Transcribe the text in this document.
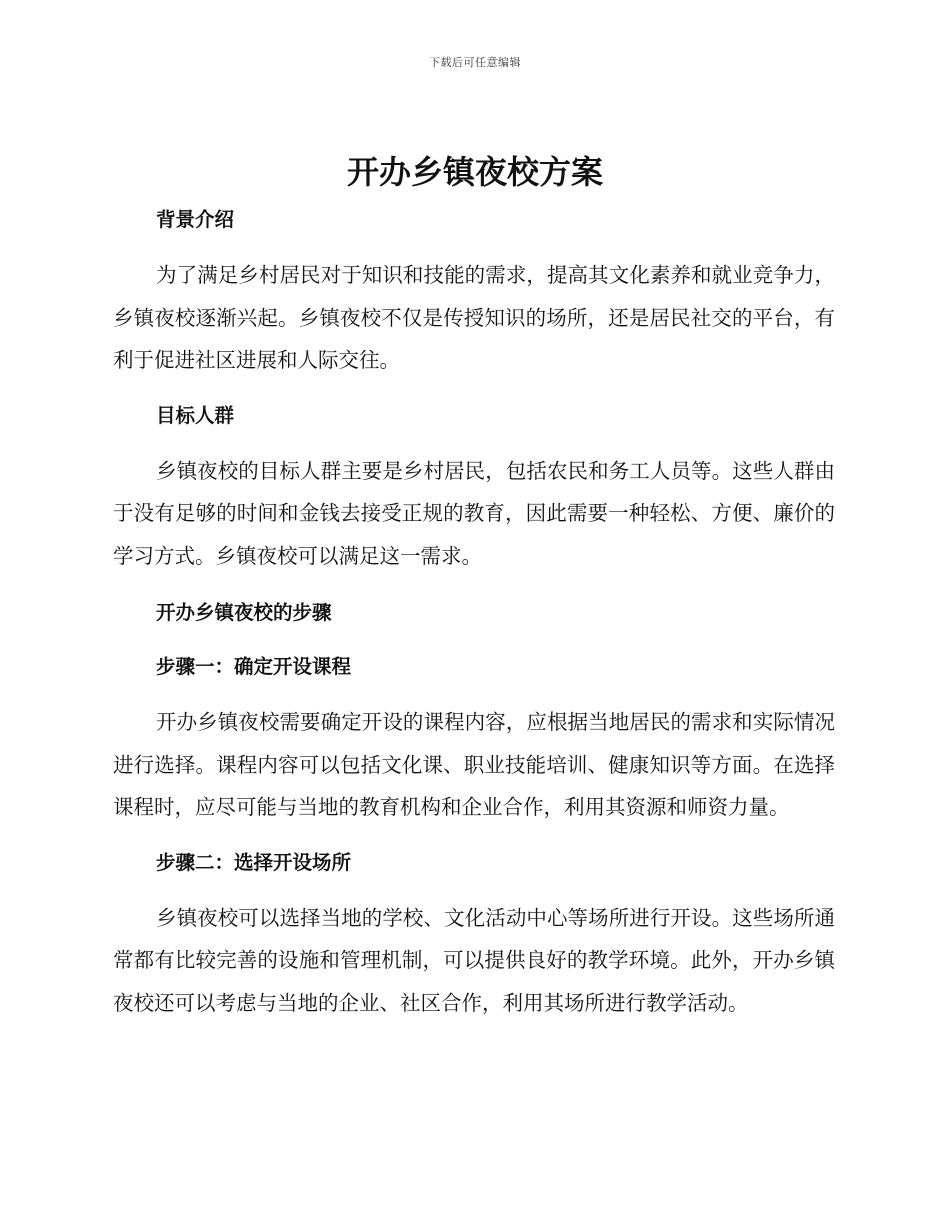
下载后可任意编辑
开办乡镇夜校方案
背景介绍

为了满足乡村居民对于知识和技能的需求，提高其文化素养和就业竞争力，乡镇夜校逐渐兴起。乡镇夜校不仅是传授知识的场所，还是居民社交的平台，有利于促进社区进展和人际交往。

目标人群

乡镇夜校的目标人群主要是乡村居民，包括农民和务工人员等。这些人群由于没有足够的时间和金钱去接受正规的教育，因此需要一种轻松、方便、廉价的学习方式。乡镇夜校可以满足这一需求。

开办乡镇夜校的步骤
步骤一：确定开设课程

开办乡镇夜校需要确定开设的课程内容，应根据当地居民的需求和实际情况进行选择。课程内容可以包括文化课、职业技能培训、健康知识等方面。在选择课程时，应尽可能与当地的教育机构和企业合作，利用其资源和师资力量。

步骤二：选择开设场所

乡镇夜校可以选择当地的学校、文化活动中心等场所进行开设。这些场所通常都有比较完善的设施和管理机制，可以提供良好的教学环境。此外，开办乡镇夜校还可以考虑与当地的企业、社区合作，利用其场所进行教学活动。
